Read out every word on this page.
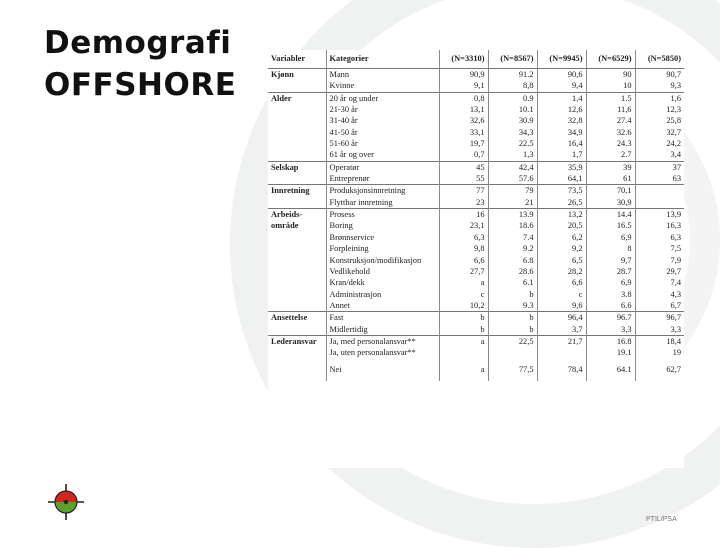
Demografi
OFFSHORE
Variabler	Kategorier	(N=3310)	(N=8567)	(N=9945)	(N=6529)	(N=5850)
Kjønn	Mann	90,9	91.2	90,6	90	90,7
	Kvinne	9,1	8,8	9,4	10	9,3
Alder	20 år og under	0,8	0.9	1,4	1.5	1,6
	21-30 år	13,1	10.1	12,6	11,6	12,3
	31-40 år	32,6	30.9	32,8	27.4	25,8
	41-50 år	33,1	34,3	34,9	32.6	32,7
	51-60 år	19,7	22.5	16,4	24.3	24,2
	61 år og over	0,7	1,3	1,7	2.7	3,4
Selskap	Operatør	45	42,4	35,9	39	37
	Entreprenør	55	57.6	64,1	61	63
Innretning	Produksjonsinnretning	77	79	73,5	70,1	
	Flyttbar innretning	23	21	26,5	30,9	
Arbeids-	Prosess	16	13.9	13,2	14.4	13,9
område	Boring	23,1	18.6	20,5	16.5	16,3
	Brønnservice	6,3	7.4	6,2	6,9	6,3
	Forpleining	9,8	9.2	9,2	8	7,5
	Konstruksjon/modifikasjon	6,6	6.8	6,5	9,7	7,9
	Vedlikehold	27,7	28.6	28,2	28.7	29,7
	Kran/dekk	a	6.1	6,6	6,9	7,4
	Administrasjon	c	b	c	3.8	4,3
	Annet	10,2	9.3	9,6	6.6	6,7
Ansettelse	Fast	b	b	96,4	96.7	96,7
	Midlertidig	b	b	3,7	3,3	3,3
Lederansvar	Ja, med personalansvar**	a	22,5	21,7	16.8	18,4
	Ja, uten personalansvar**				19.1	19
	Nei	a	77,5	78,4	64.1	62,7
PTIL/PSA
